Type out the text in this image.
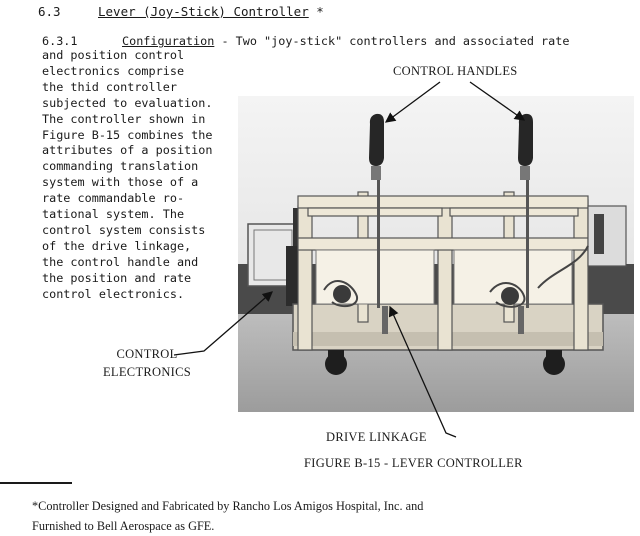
6.3	Lever (Joy-Stick) Controller *
6.3.1	Configuration - Two "joy-stick" controllers and associated rate
and position control
electronics comprise
the thid controller
subjected to evaluation.
The controller shown in
Figure B-15 combines the
attributes of a position
commanding translation
system with those of a
rate commandable ro-
tational system. The
control system consists
of the drive linkage,
the control handle and
the position and rate
control electronics.
CONTROL HANDLES
CONTROL
ELECTRONICS
DRIVE LINKAGE
FIGURE B-15 - LEVER CONTROLLER
*Controller Designed and Fabricated by Rancho Los Amigos Hospital, Inc. and
Furnished to Bell Aerospace as GFE.
